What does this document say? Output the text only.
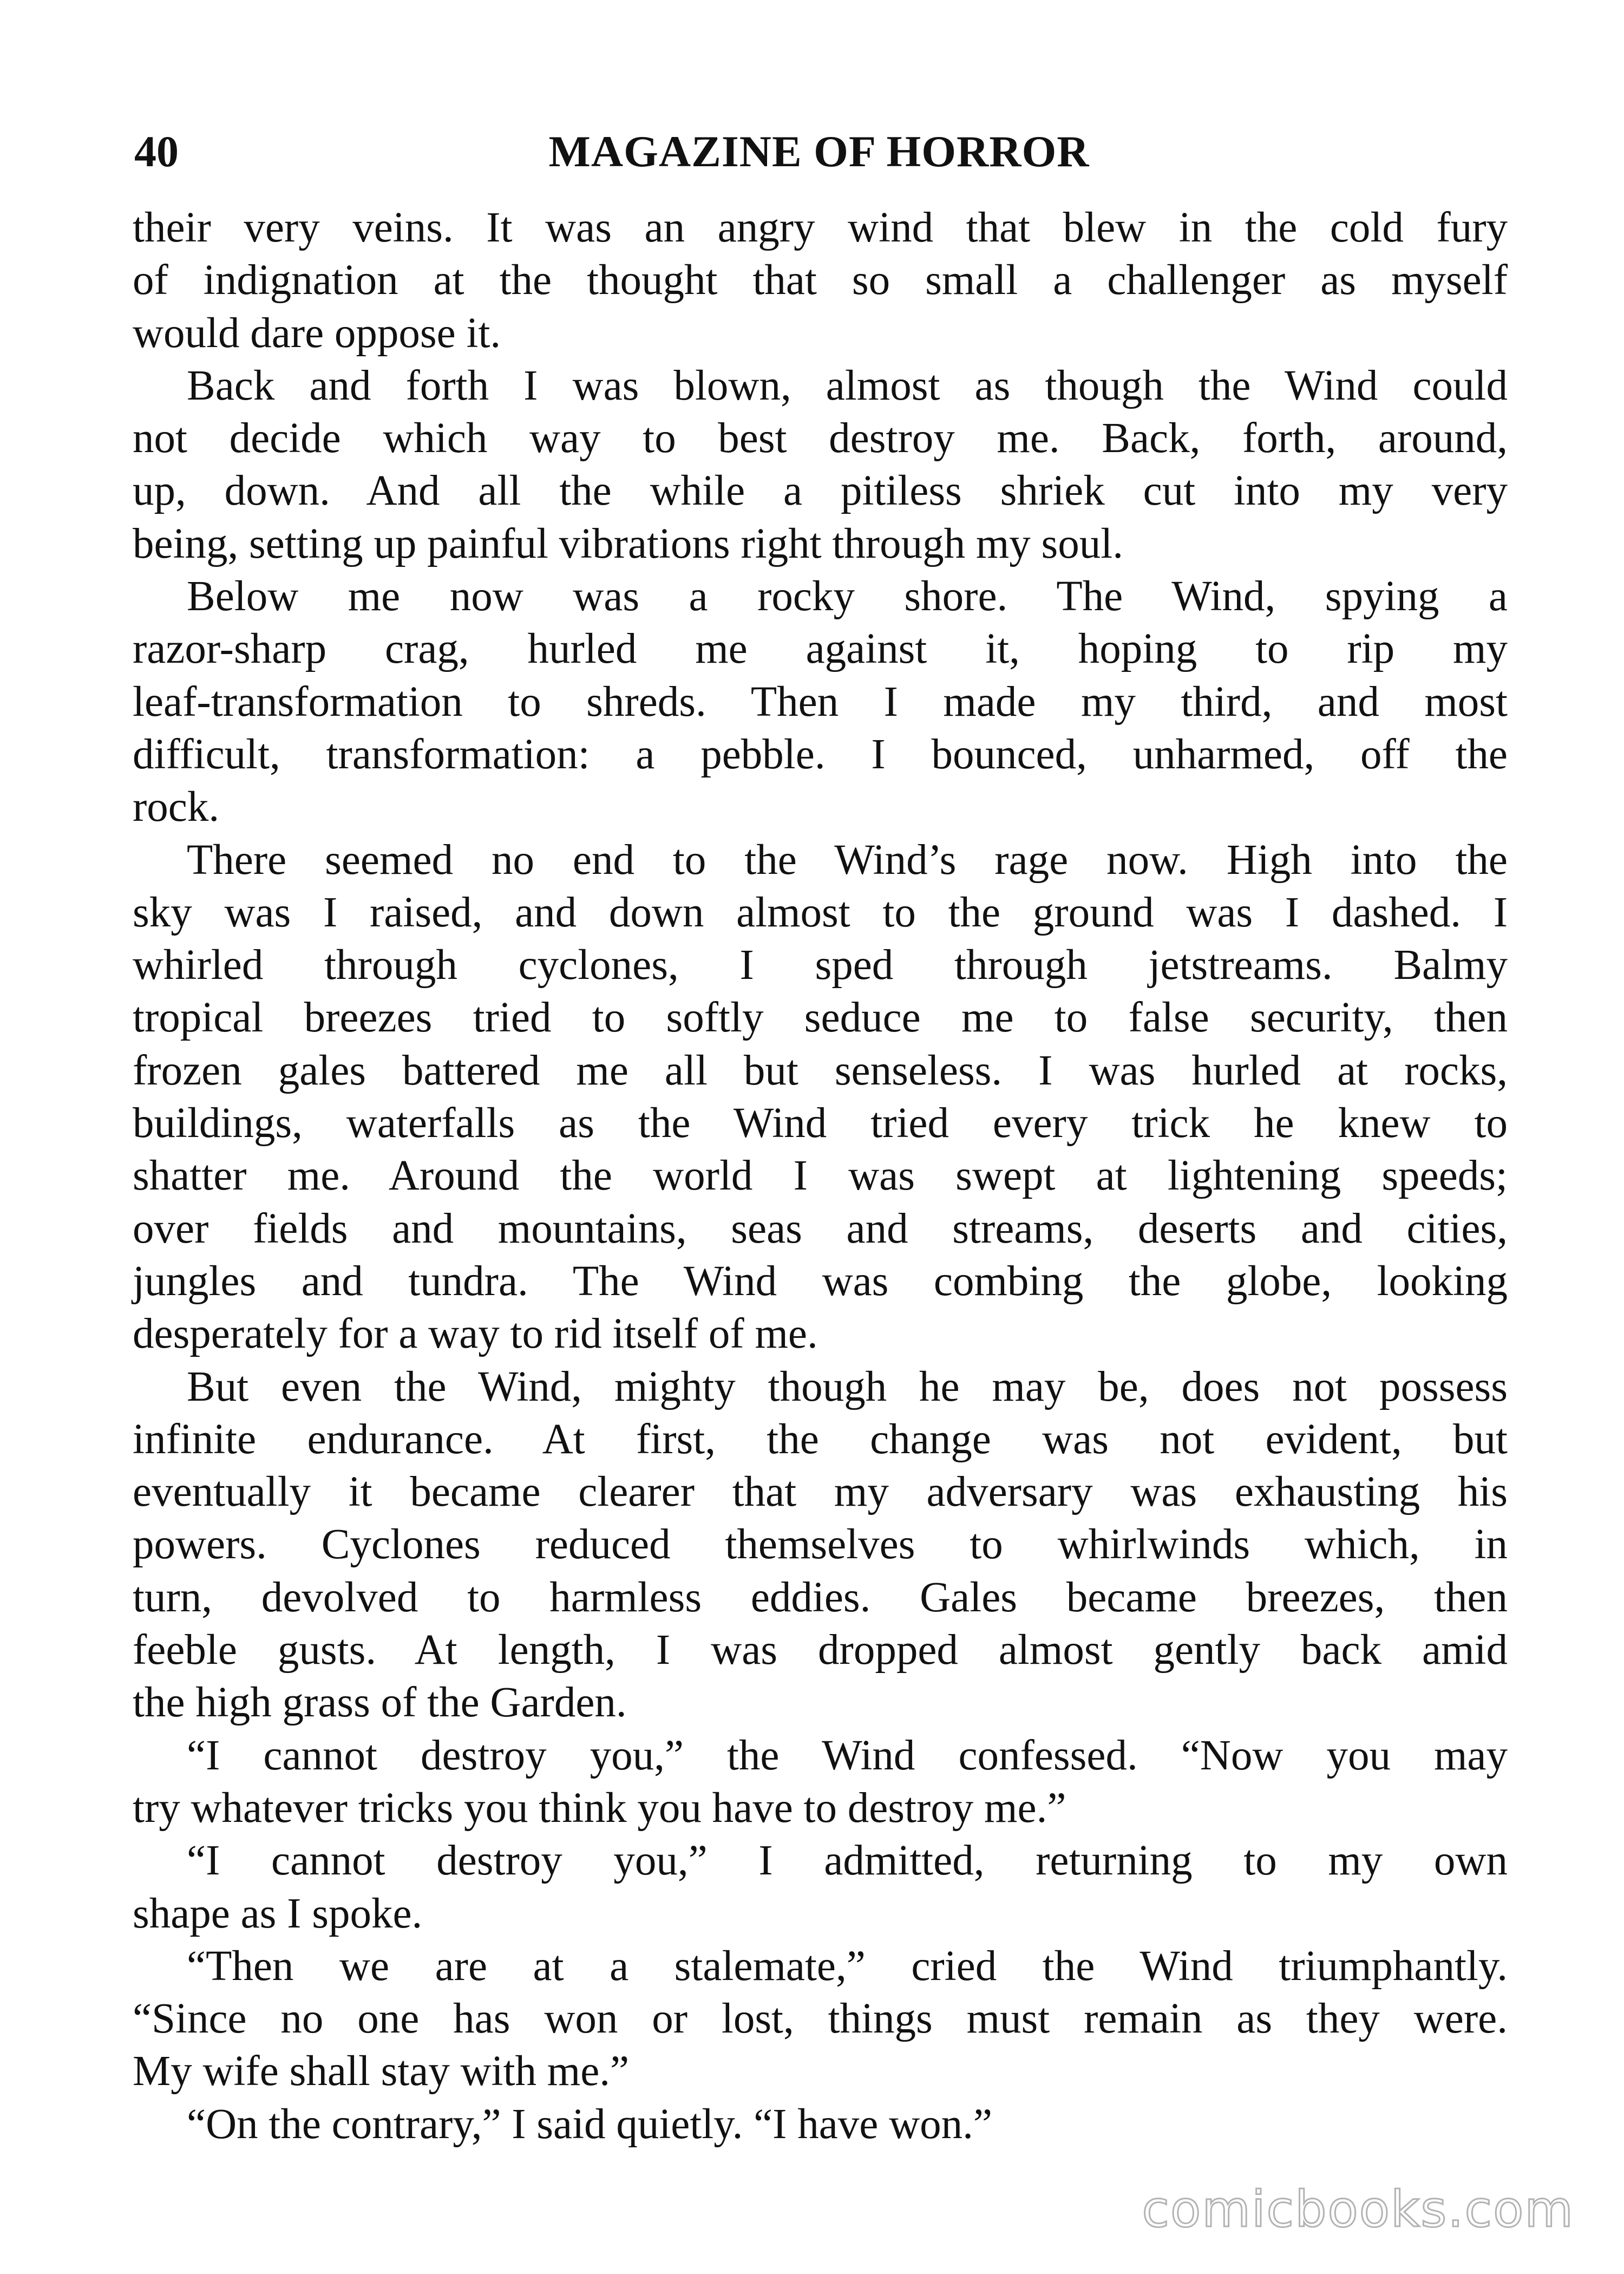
40	MAGAZINE OF HORROR
their very veins. It was an angry wind that blew in the cold fury
of indignation at the thought that so small a challenger as myself
would dare oppose it.
Back and forth I was blown, almost as though the Wind could
not decide which way to best destroy me. Back, forth, around,
up, down. And all the while a pitiless shriek cut into my very
being, setting up painful vibrations right through my soul.
Below me now was a rocky shore. The Wind, spying a
razor-sharp crag, hurled me against it, hoping to rip my
leaf-transformation to shreds. Then I made my third, and most
difficult, transformation: a pebble. I bounced, unharmed, off the
rock.
There seemed no end to the Wind’s rage now. High into the
sky was I raised, and down almost to the ground was I dashed. I
whirled through cyclones, I sped through jetstreams. Balmy
tropical breezes tried to softly seduce me to false security, then
frozen gales battered me all but senseless. I was hurled at rocks,
buildings, waterfalls as the Wind tried every trick he knew to
shatter me. Around the world I was swept at lightening speeds;
over fields and mountains, seas and streams, deserts and cities,
jungles and tundra. The Wind was combing the globe, looking
desperately for a way to rid itself of me.
But even the Wind, mighty though he may be, does not possess
infinite endurance. At first, the change was not evident, but
eventually it became clearer that my adversary was exhausting his
powers. Cyclones reduced themselves to whirlwinds which, in
turn, devolved to harmless eddies. Gales became breezes, then
feeble gusts. At length, I was dropped almost gently back amid
the high grass of the Garden.
“I cannot destroy you,” the Wind confessed. “Now you may
try whatever tricks you think you have to destroy me.”
“I cannot destroy you,” I admitted, returning to my own
shape as I spoke.
“Then we are at a stalemate,” cried the Wind triumphantly.
“Since no one has won or lost, things must remain as they were.
My wife shall stay with me.”
“On the contrary,” I said quietly. “I have won.”
comicbooks.com
